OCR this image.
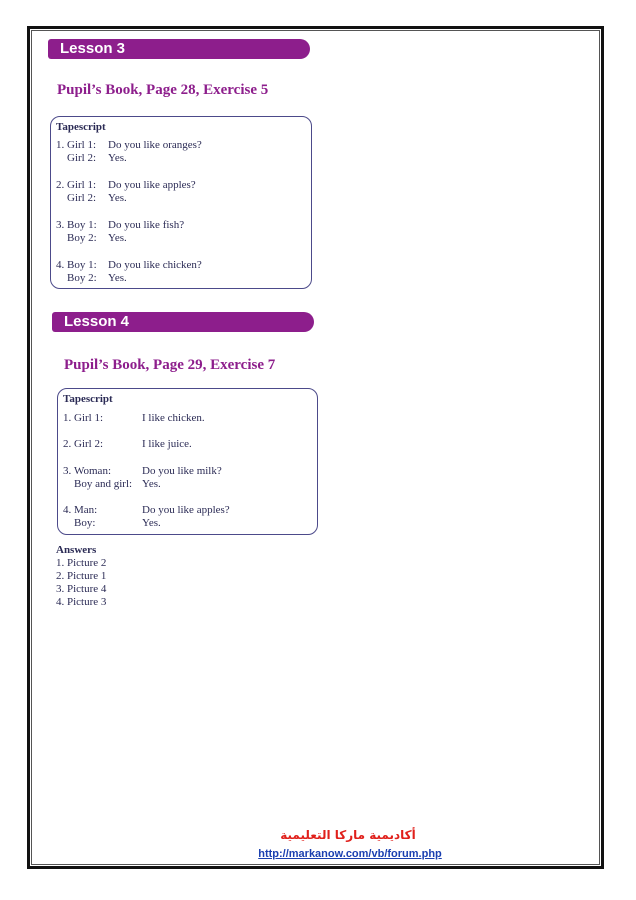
Lesson 3
Pupil’s Book, Page 28, Exercise 5
Tapescript
1. Girl 1: Do you like oranges?
Girl 2: Yes.
2. Girl 1: Do you like apples?
Girl 2: Yes.
3. Boy 1: Do you like fish?
Boy 2: Yes.
4. Boy 1: Do you like chicken?
Boy 2: Yes.
Lesson 4
Pupil’s Book, Page 29, Exercise 7
Tapescript
1. Girl 1:	I like chicken.
2. Girl 2:	I like juice.
3. Woman:	Do you like milk?
Boy and girl: Yes.
4. Man:	Do you like apples?
Boy:	Yes.
Answers
1. Picture 2
2. Picture 1
3. Picture 4
4. Picture 3
أكاديمية ماركا التعليمية
http://markanow.com/vb/forum.php
